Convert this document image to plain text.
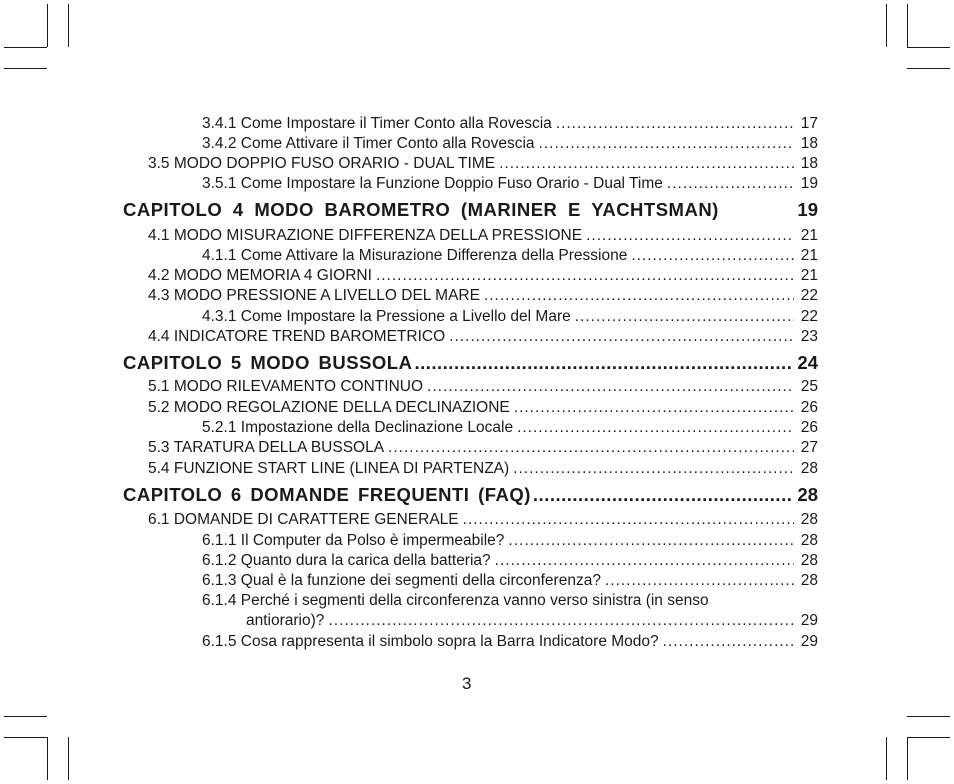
3.4.1 Come Impostare il Timer Conto alla Rovescia .....	17
3.4.2 Come Attivare il Timer Conto alla Rovescia .....	18
3.5 MODO DOPPIO FUSO ORARIO - DUAL TIME .....	18
3.5.1 Come Impostare la Funzione Doppio Fuso Orario - Dual Time .....	19
CAPITOLO 4 MODO BAROMETRO (MARINER E YACHTSMAN)	19
4.1 MODO MISURAZIONE DIFFERENZA DELLA PRESSIONE .....	21
4.1.1 Come Attivare la Misurazione Differenza della Pressione .....	21
4.2 MODO MEMORIA 4 GIORNI .....	21
4.3 MODO PRESSIONE A LIVELLO DEL MARE .....	22
4.3.1 Come Impostare la Pressione a Livello del Mare .....	22
4.4 INDICATORE TREND BAROMETRICO .....	23
CAPITOLO 5 MODO BUSSOLA .....	24
5.1 MODO RILEVAMENTO CONTINUO .....	25
5.2 MODO REGOLAZIONE DELLA DECLINAZIONE .....	26
5.2.1 Impostazione della Declinazione Locale .....	26
5.3 TARATURA DELLA BUSSOLA .....	27
5.4 FUNZIONE START LINE (LINEA DI PARTENZA) .....	28
CAPITOLO 6 DOMANDE FREQUENTI (FAQ) .....	28
6.1 DOMANDE DI CARATTERE GENERALE .....	28
6.1.1 Il Computer da Polso è impermeabile? .....	28
6.1.2 Quanto dura la carica della batteria? .....	28
6.1.3 Qual è la funzione dei segmenti della circonferenza? .....	28
6.1.4 Perché i segmenti della circonferenza vanno verso sinistra (in senso
antiorario)? .....	29
6.1.5 Cosa rappresenta il simbolo sopra la Barra Indicatore Modo? .....	29
3
